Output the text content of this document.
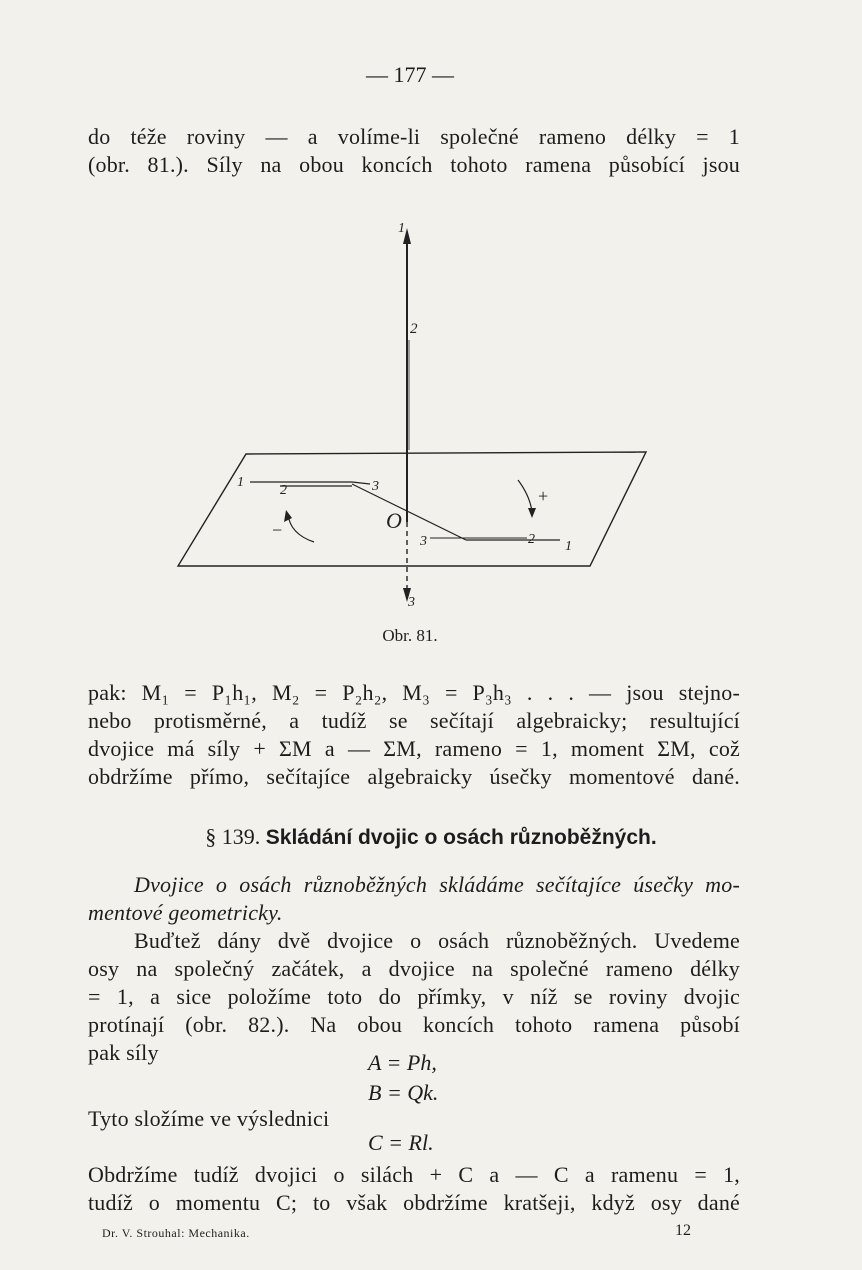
— 177 —
do téže roviny — a volíme-li společné rameno délky = 1
(obr. 81.). Síly na obou koncích tohoto ramena působící jsou
1
2
3
1
2	3
O
3	2 1
+
−
Obr. 81.
pak: M₁ = P₁h₁, M₂ = P₂h₂, M₃ = P₃h₃ . . . — jsou stejno-
nebo protisměrné, a tudíž se sečítají algebraicky; resultující
dvojice má síly + ΣM a — ΣM, rameno = 1, moment ΣM, což
obdržíme přímo, sečítajíce algebraicky úsečky momentové dané.
§ 139. Skládání dvojic o osách různoběžných.
Dvojice o osách různoběžných skládáme sečítajíce úsečky mo-
mentové geometricky.
Buďtež dány dvě dvojice o osách různoběžných. Uvedeme
osy na společný začátek, a dvojice na společné rameno délky
= 1, a sice položíme toto do přímky, v níž se roviny dvojic
protínají (obr. 82.). Na obou koncích tohoto ramena působí
pak síly	A = Ph,
B = Qk.
Tyto složíme ve výslednici
C = Rl.
Obdržíme tudíž dvojici o silách + C a — C a ramenu = 1,
tudíž o momentu C; to však obdržíme kratšeji, když osy dané
Dr. V. Strouhal: Mechanika.	12
